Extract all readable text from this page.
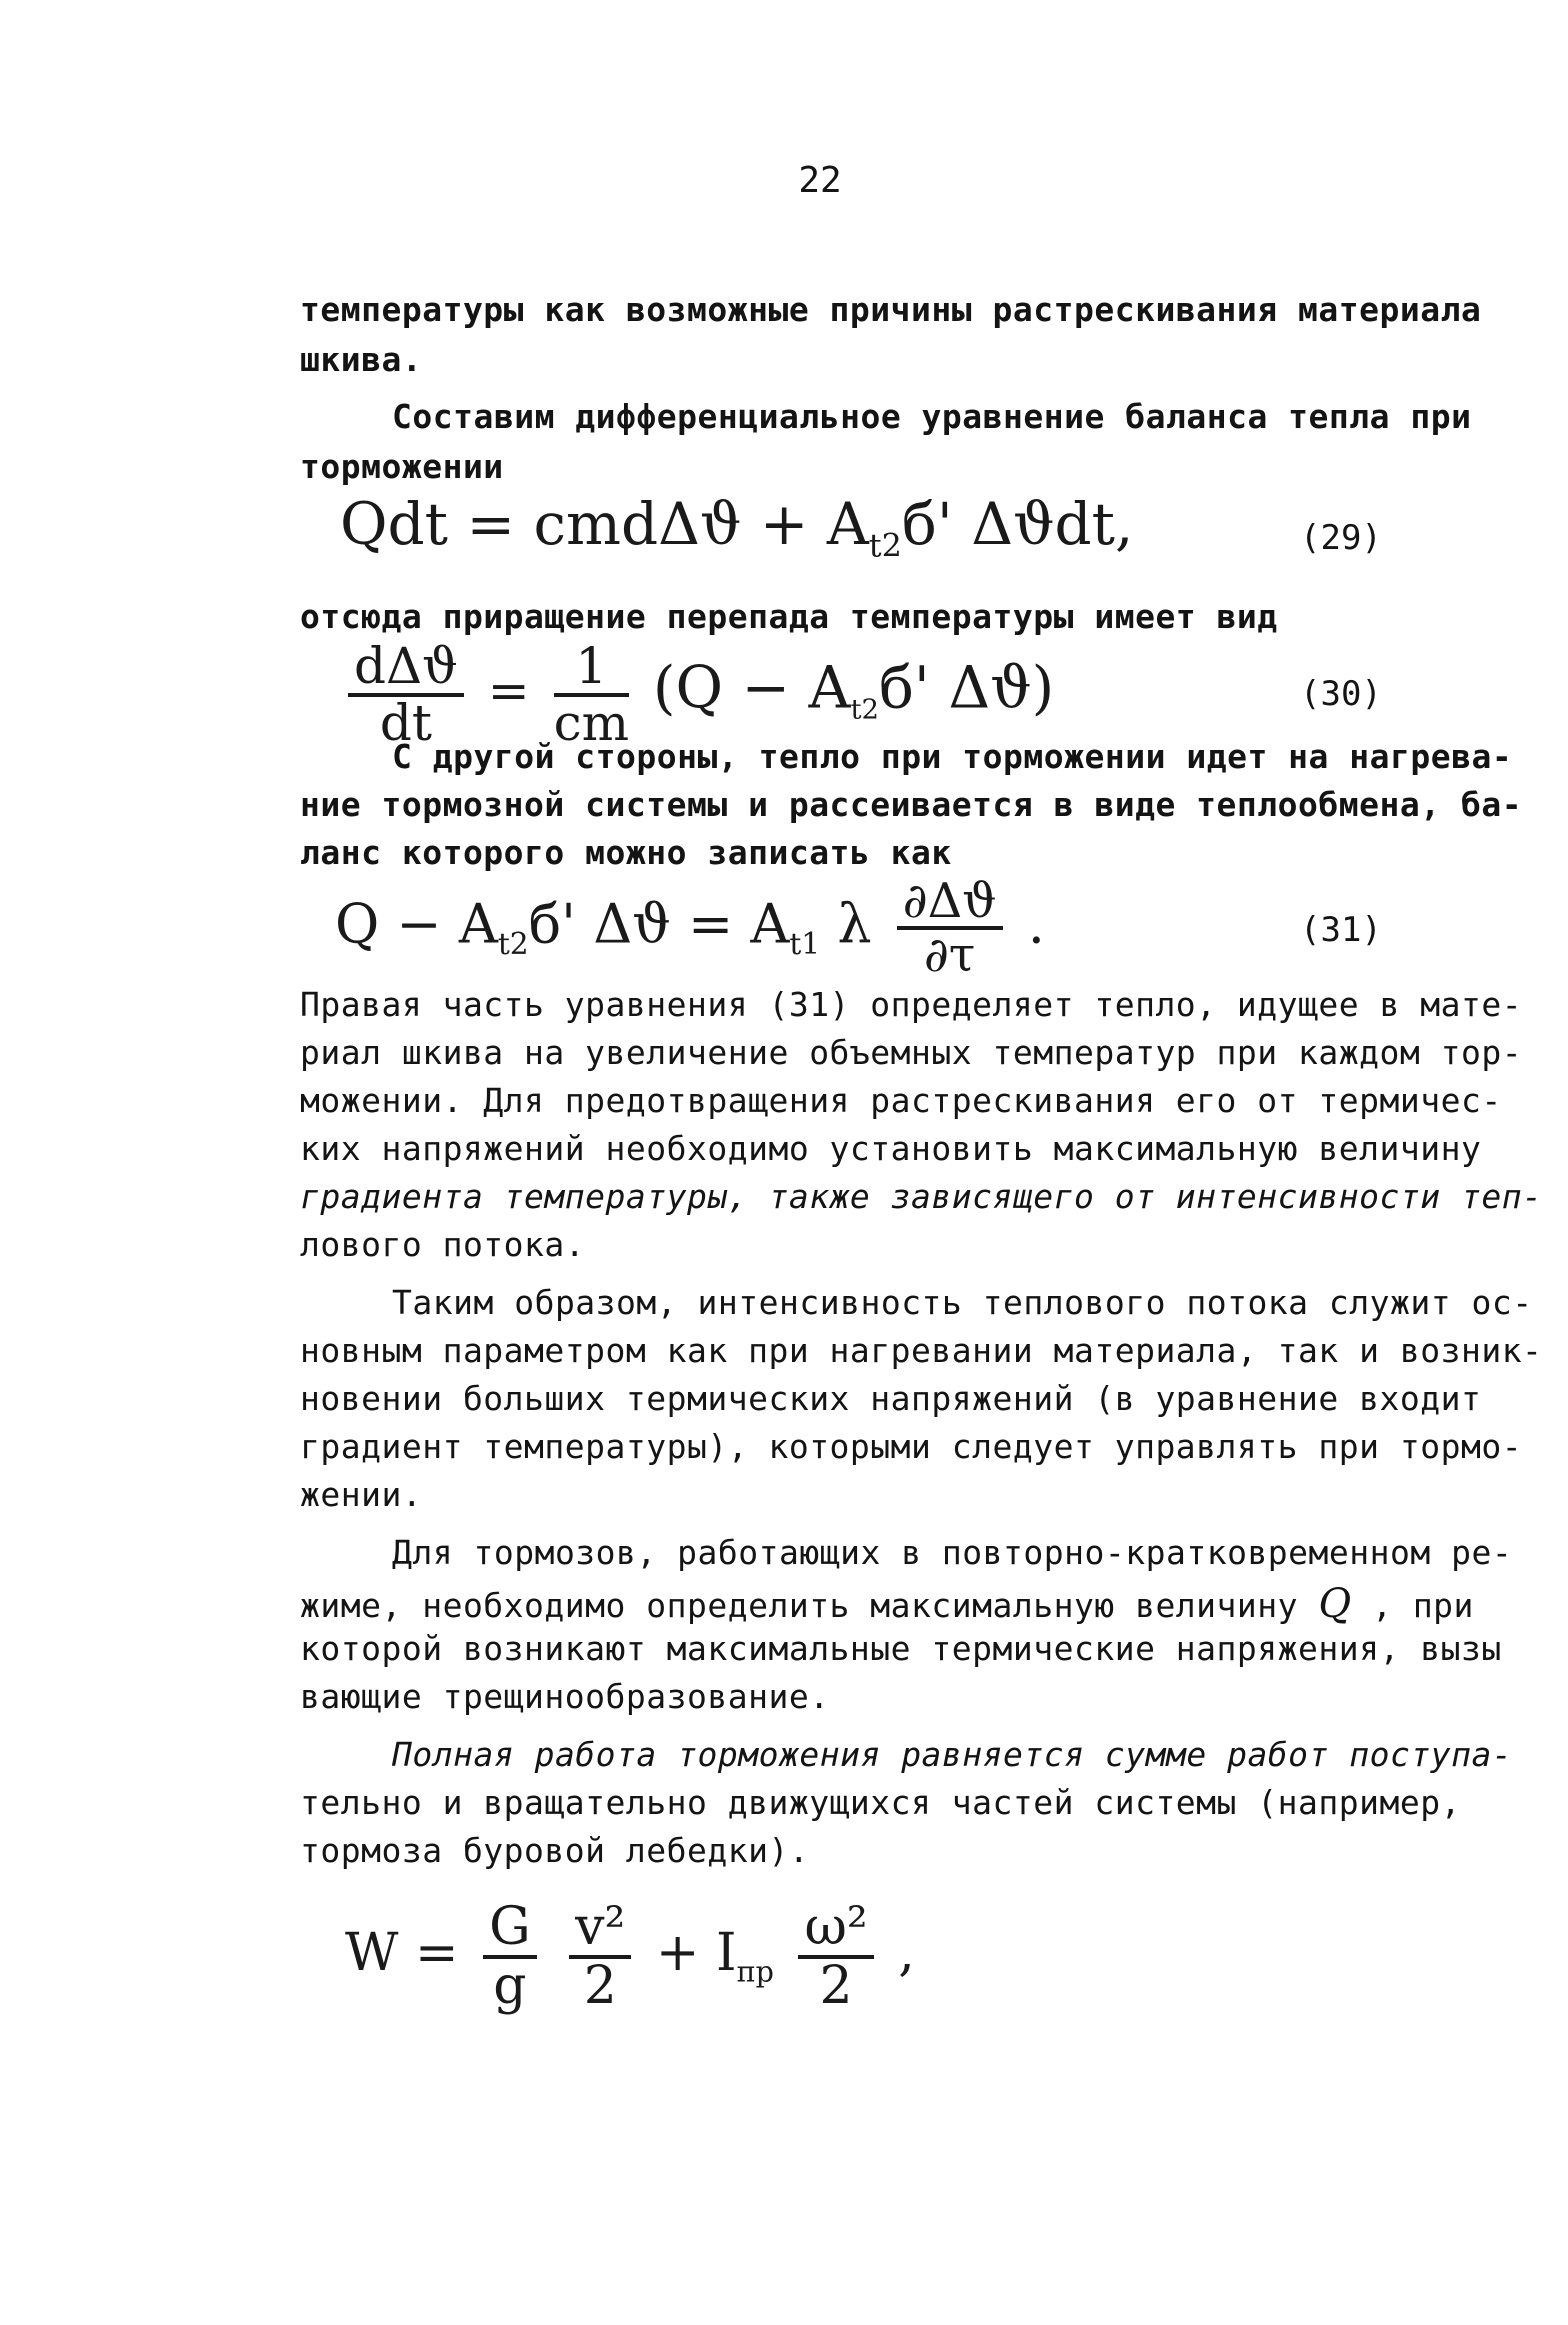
22
температуры как возможные причины растрескивания материала
шкива.
Составим дифференциальное уравнение баланса тепла при
торможении
Qdt = $cmd\Delta ϑ + A_{t2}б'$ Δϑdt,	(29)
отсюда приращение перепада температуры имеет вид
$\frac{\text{dΔϑ}}{dt} = \frac{1}{cm} (Q - A_{t2}б'$ Δϑ)	(30)
С другой стороны, тепло при торможении идет на нагрева-
ние тормозной системы и рассеивается в виде теплообмена, ба-
ланс которого можно записать как
$Q - A_{t2}б'$ $\Delta ϑ = A_{t1}$ λ $\frac{\partial\Delta ϑ}{\partial\tau}$ .	(31)
Правая часть уравнения (31) определяет тепло, идущее в мате-
риал шкива на увеличение объемных температур при каждом тор-
можении. Для предотвращения растрескивания его от термичес-
ких напряжений необходимо установить максимальную величину
градиента температуры, также зависящего от интенсивности теп-
лового потока.
Таким образом, интенсивность теплового потока служит ос-
новным параметром как при нагревании материала, так и возник-
новении больших термических напряжений (в уравнение входит
градиент температуры), которыми следует управлять при тормо-
жении.
Для тормозов, работающих в повторно-кратковременном ре-
жиме, необходимо определить максимальную величину Q , при
которой возникают максимальные термические напряжения, вызы
вающие трещинообразование.
Полная работа торможения равняется сумме работ поступа-
тельно и вращательно движущихся частей системы (например,
тормоза буровой лебедки).
$W = \frac{G}{g}$
$\frac{\text{v²}}{2} + I_{пр} \frac{\text{ω²}}{2}$ ,
